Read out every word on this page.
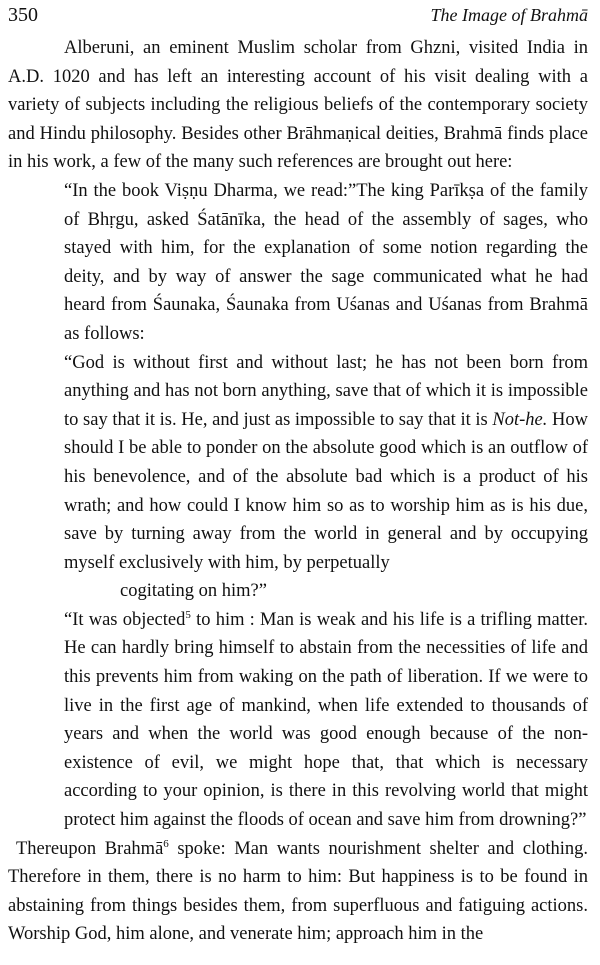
350	The Image of Brahmā

Alberuni, an eminent Muslim scholar from Ghzni, visited India in A.D. 1020 and has left an interesting account of his visit dealing with a variety of subjects including the religious beliefs of the contemporary society and Hindu philosophy. Besides other Brāhmaṇical deities, Brahmā finds place in his work, a few of the many such references are brought out here:

“In the book Viṣṇu Dharma, we read:”The king Parīkṣa of the family of Bhṛgu, asked Śatānīka, the head of the assembly of sages, who stayed with him, for the explanation of some notion regarding the deity, and by way of answer the sage communicated what he had heard from Śaunaka, Śaunaka from Uśanas and Uśanas from Brahmā as follows:

“God is without first and without last; he has not been born from anything and has not born anything, save that of which it is impossible to say that it is. He, and just as impossible to say that it is Not-he. How should I be able to ponder on the absolute good which is an outflow of his benevolence, and of the absolute bad which is a product of his wrath; and how could I know him so as to worship him as is his due, save by turning away from the world in general and by occupying myself exclusively with him, by perpetually

cogitating on him?”

“It was objected$^5$ to him : Man is weak and his life is a trifling matter. He can hardly bring himself to abstain from the necessities of life and this prevents him from waking on the path of liberation. If we were to live in the first age of mankind, when life extended to thousands of years and when the world was good enough because of the non-existence of evil, we might hope that, that which is necessary according to your opinion, is there in this revolving world that might protect him against the floods of ocean and save him from drowning?”

Thereupon Brahmā$^6$ spoke: Man wants nourishment shelter and clothing. Therefore in them, there is no harm to him: But happiness is to be found in abstaining from things besides them, from superfluous and fatiguing actions. Worship God, him alone, and venerate him; approach him in the
